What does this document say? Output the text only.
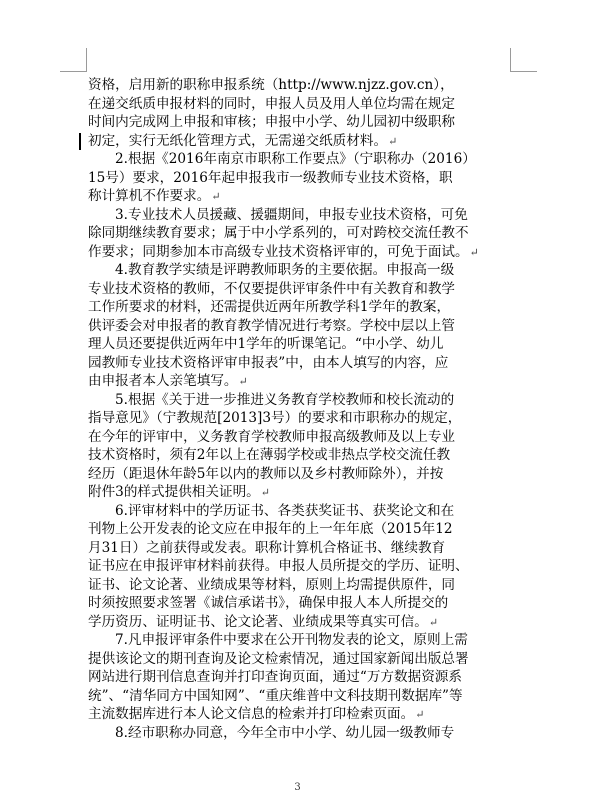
资格，启用新的职称申报系统（http://www.njzz.gov.cn），
在递交纸质申报材料的同时，申报人员及用人单位均需在规定
时间内完成网上申报和审核；申报中小学、幼儿园初中级职称
初定，实行无纸化管理方式，无需递交纸质材料。↵
2.根据《2016年南京市职称工作要点》（宁职称办（2016）
15号）要求，2016年起申报我市一级教师专业技术资格，职
称计算机不作要求。↵
3.专业技术人员援藏、援疆期间，申报专业技术资格，可免
除同期继续教育要求；属于中小学系列的，可对跨校交流任教不
作要求；同期参加本市高级专业技术资格评审的，可免于面试。↵
4.教育教学实绩是评聘教师职务的主要依据。申报高一级
专业技术资格的教师，不仅要提供评审条件中有关教育和教学
工作所要求的材料，还需提供近两年所教学科1学年的教案，
供评委会对申报者的教育教学情况进行考察。学校中层以上管
理人员还要提供近两年中1学年的听课笔记。“中小学、幼儿
园教师专业技术资格评审申报表”中，由本人填写的内容，应
由申报者本人亲笔填写。↵
5.根据《关于进一步推进义务教育学校教师和校长流动的
指导意见》（宁教规范[2013]3号）的要求和市职称办的规定，
在今年的评审中，义务教育学校教师申报高级教师及以上专业
技术资格时，须有2年以上在薄弱学校或非热点学校交流任教
经历（距退休年龄5年以内的教师以及乡村教师除外），并按
附件3的样式提供相关证明。↵
6.评审材料中的学历证书、各类获奖证书、获奖论文和在
刊物上公开发表的论文应在申报年的上一年年底（2015年12
月31日）之前获得或发表。职称计算机合格证书、继续教育
证书应在申报评审材料前获得。申报人员所提交的学历、证明、
证书、论文论著、业绩成果等材料，原则上均需提供原件，同
时须按照要求签署《诚信承诺书》，确保申报人本人所提交的
学历资历、证明证书、论文论著、业绩成果等真实可信。↵
7.凡申报评审条件中要求在公开刊物发表的论文，原则上需
提供该论文的期刊查询及论文检索情况，通过国家新闻出版总署
网站进行期刊信息查询并打印查询页面，通过“万方数据资源系
统”、“清华同方中国知网”、“重庆维普中文科技期刊数据库”等
主流数据库进行本人论文信息的检索并打印检索页面。↵
8.经市职称办同意，今年全市中小学、幼儿园一级教师专
3
